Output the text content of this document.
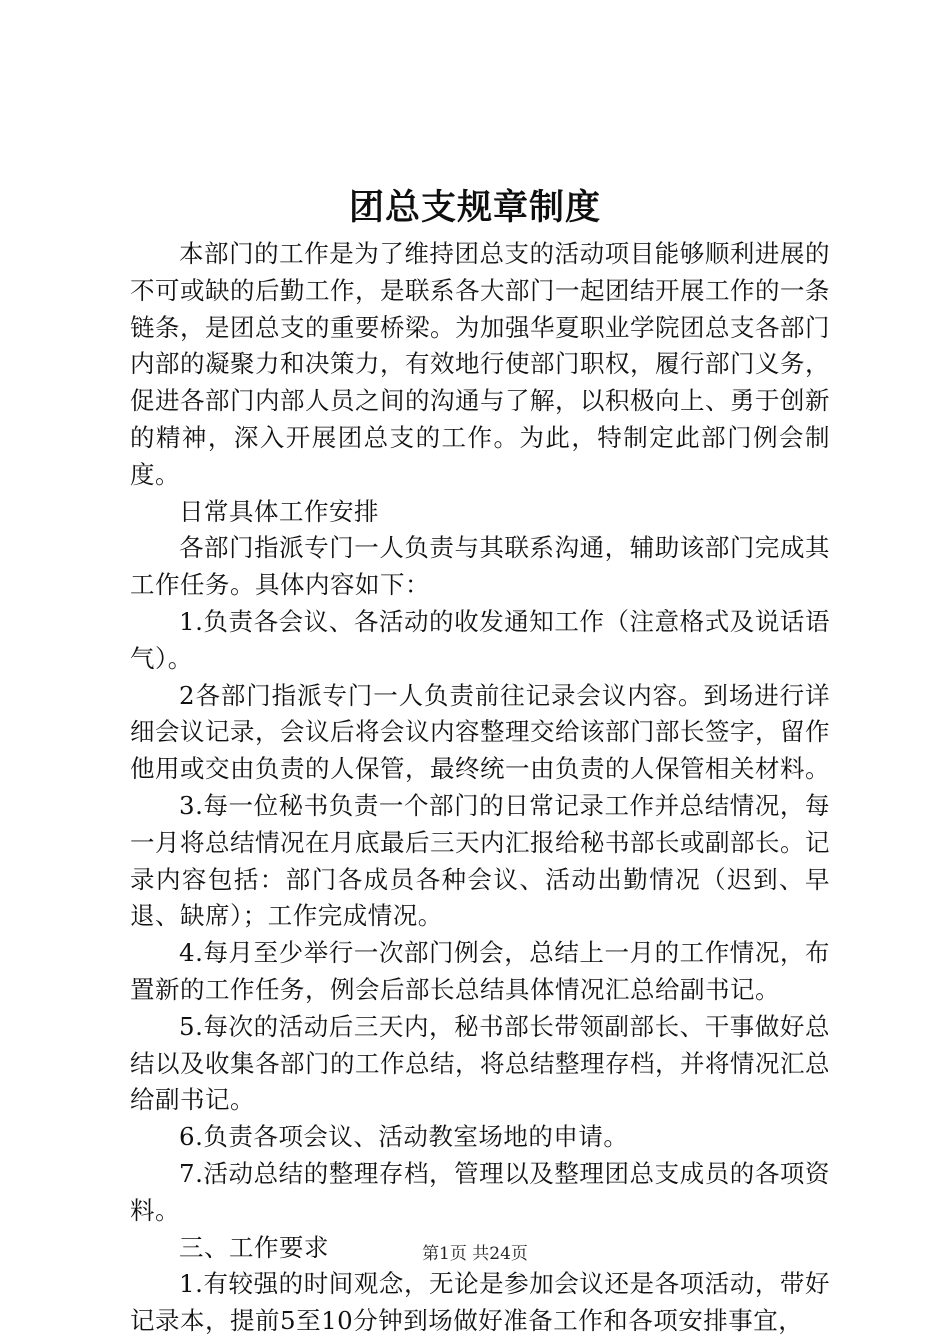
团总支规章制度

本部门的工作是为了维持团总支的活动项目能够顺利进展的不可或缺的后勤工作，是联系各大部门一起团结开展工作的一条链条，是团总支的重要桥梁。为加强华夏职业学院团总支各部门内部的凝聚力和决策力，有效地行使部门职权，履行部门义务，促进各部门内部人员之间的沟通与了解，以积极向上、勇于创新的精神，深入开展团总支的工作。为此，特制定此部门例会制度。

日常具体工作安排

各部门指派专门一人负责与其联系沟通，辅助该部门完成其工作任务。具体内容如下：

1.负责各会议、各活动的收发通知工作（注意格式及说话语气）。

2各部门指派专门一人负责前往记录会议内容。到场进行详细会议记录，会议后将会议内容整理交给该部门部长签字，留作他用或交由负责的人保管，最终统一由负责的人保管相关材料。

3.每一位秘书负责一个部门的日常记录工作并总结情况，每一月将总结情况在月底最后三天内汇报给秘书部长或副部长。记录内容包括：部门各成员各种会议、活动出勤情况（迟到、早退、缺席）；工作完成情况。

4.每月至少举行一次部门例会，总结上一月的工作情况，布置新的工作任务，例会后部长总结具体情况汇总给副书记。

5.每次的活动后三天内，秘书部长带领副部长、干事做好总结以及收集各部门的工作总结，将总结整理存档，并将情况汇总给副书记。

6.负责各项会议、活动教室场地的申请。

7.活动总结的整理存档，管理以及整理团总支成员的各项资料。

三、工作要求

1.有较强的时间观念，无论是参加会议还是各项活动，带好记录本，提前5至10分钟到场做好准备工作和各项安排事宜，

第1页 共24页
